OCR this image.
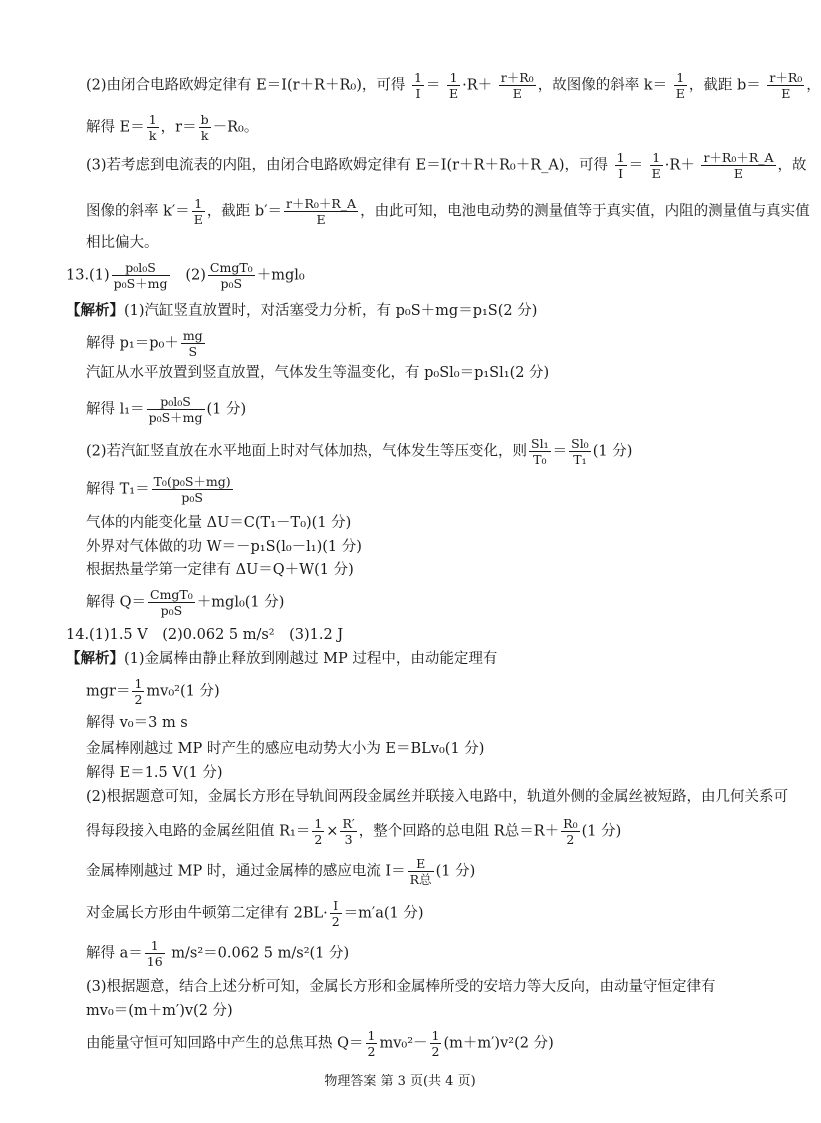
(2)由闭合电路欧姆定律有 E＝I(r＋R＋R₀)，可得 $\frac{1}{I} = \frac{1}{E} \cdot R+ \frac{\text{r＋R₀}}{E}$ ，故图像的斜率 $k= \frac{1}{E}$ ，截距 $b= \frac{\text{r＋R₀}}{E}$ ，
解得 $E= \frac{1}{k}$ ，$r= \frac{b}{k} -R_0$。
(3)若考虑到电流表的内阻，由闭合电路欧姆定律有 E＝I(r＋R＋R₀＋R_A)，可得 $\frac{1}{I} = \frac{1}{E} \cdot R+ \frac{\text{r＋R₀＋R\_A}}{E}$ ，故
图像的斜率 $k'= \frac{1}{E}$ ，截距 $b'= \frac{\text{r＋R₀＋R\_A}}{E}$ ，由此可知，电池电动势的测量值等于真实值，内阻的测量值与真实值
相比偏大。
$13.(1) \frac{\text{p₀l₀S}}{\text{p₀S＋mg}} (2) \frac{\text{CmgT₀}}{\text{p₀S}} +mgl_0$
【解析】(1)汽缸竖直放置时，对活塞受力分析，有 p₀S＋mg＝p₁S(2 分)
解得 $p_1=p_0+ \frac{mg}{S}$
汽缸从水平放置到竖直放置，气体发生等温变化，有 p₀Sl₀＝p₁Sl₁(2 分)
解得 $l_1= \frac{\text{p₀l₀S}}{\text{p₀S＋mg}} (1$ 分)
(2)若汽缸竖直放在水平地面上时对气体加热，气体发生等压变化，则 $\frac{\text{Sl₁}}{\text{T₀}} = \frac{\text{Sl₀}}{\text{T₁}} (1$ 分)
解得 $T_1= \frac{\text{T₀(p₀S＋mg)}}{\text{p₀S}}$
气体的内能变化量 ΔU＝C(T₁－T₀)(1 分)
外界对气体做的功 W＝－p₁S(l₀－l₁)(1 分)
根据热量学第一定律有 ΔU＝Q＋W(1 分)
解得 $Q= \frac{\text{CmgT₀}}{\text{p₀S}} +mgl_0(1$ 分)
14.(1)1.5 V　(2)0.062 5 m/s²　(3)1.2 J
【解析】(1)金属棒由静止释放到刚越过 MP 过程中，由动能定理有
$mgr= \frac{1}{2} mv_0^2(1$ 分)
解得 v₀＝3 m s
金属棒刚越过 MP 时产生的感应电动势大小为 E＝BLv₀(1 分)
解得 E＝1.5 V(1 分)
(2)根据题意可知，金属长方形在导轨间两段金属丝并联接入电路中，轨道外侧的金属丝被短路，由几何关系可
得每段接入电路的金属丝阻值 $R_1= \frac{1}{2} \times \frac{R'}{3}$ ，整个回路的总电阻 R总$=R+ \frac{\text{R₀}}{2} (1$ 分)
金属棒刚越过 MP 时，通过金属棒的感应电流 $I= \frac{E}{\text{R总}} (1$ 分)
对金属长方形由牛顿第二定律有 $2BL\cdot \frac{I}{2} =m'a(1$ 分)
解得 $a= \frac{1}{16} m/s^2=0.062$ 5 m/s²(1 分)
(3)根据题意，结合上述分析可知，金属长方形和金属棒所受的安培力等大反向，由动量守恒定律有
mv₀＝(m＋m′)v(2 分)
由能量守恒可知回路中产生的总焦耳热 $Q= \frac{1}{2} mv_0^2- \frac{1}{2} (m+m')v^2(2$ 分)
物理答案 第 3 页(共 4 页)
